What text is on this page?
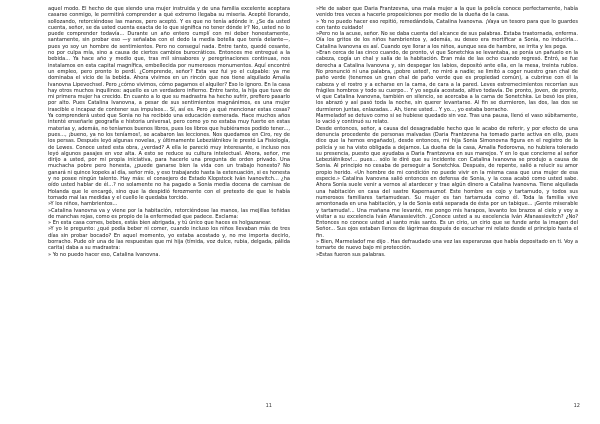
aquel modo. El hecho de que siendo una mujer instruida y de una familia excelente aceptara casarse conmigo, le permitirá comprender a qué extremo llegaba su miseria. Acepté llorando, sollozando, retorciéndose las manos, pero aceptó. Y es que no tenía adónde ir. ¿Se da usted cuenta, señor, se da usted cuenta exacta de lo que significa no tener dónde ir? No, usted no lo puede comprender todavía... Durante un año entero cumplí con mi deber honestamente, santamente, sin probar eso —y señalaba con el dedo la media botella que tenía delante—, pues yo soy un hombre de sentimientos. Pero no conseguí nada. Entre tanto, quedé cesante, no por culpa mía, sino a causa de ciertos cambios burocráticos. Entonces me entregué a la bebida... Ya hace año y medio que, tras mil sinsabores y peregrinaciones continuas, nos instalamos en esta capital magnífica, embellecida por numerosos monumentos. Aquí encontré un empleo, pero pronto lo perdí. ¿Comprende, señor? Esta vez fui yo el culpable: ya me dominaba el vicio de la bebida. Ahora vivimos en un rincón que nos tiene alquilado Amalia Ivanovna Lipevechsel. Pero ¿cómo vivimos, cómo pagamos el alquiler? Eso lo ignoro. En la casa hay otros muchos inquilinos: aquello es un verdadero infierno. Entre tanto, la hija que tuve de mi primera mujer ha crecido. En cuanto a lo que su madrastra ha hecho sufrir, prefiero pasarlo por alto. Pues Catalina Ivanovna, a pesar de sus sentimientos magnánimos, es una mujer irascible e incapaz de contener sus impulsos... Sí, así es. Pero ¿a qué mencionar estas cosas? Ya comprenderá usted que Sonia no ha recibido una educación esmerada. Hace muchos años intenté enseñarle geografía e historia universal, pero como yo no estaba muy fuerte en estas materias y, además, no teníamos buenos libros, pues los libros que hubiéramos podido tener..., pues..., ¡bueno, ya no los teníamos!, se acabaron las lecciones. Nos quedamos en Ciro, rey de los persas. Después leyó algunas novelas, y últimamente Lebeziátnikov le prestó La Fisiología, de Lewes. Conoce usted esta obra, ¿verdad? A ella le pareció muy interesante, e incluso nos leyó algunos pasajes en voz alta. A esto se reduce su cultura intelectual. Ahora, señor, me dirijo a usted, por mi propia iniciativa, para hacerle una pregunta de orden privado. Una muchacha pobre pero honesta, ¿puede ganarse bien la vida con un trabajo honesto? No ganará ni quince kopeks al día, señor mío, y eso trabajando hasta la extenuación, si es honesta y no posee ningún talento. Hay más: el consejero de Estado Klopstock Iván Ivanovitch... ¿ha oído usted hablar de él...? no solamente no ha pagado a Sonia media docena de camisas de Holanda que le encargó, sino que la despidió ferozmente con el pretexto de que le había tomado mal las medidas y el cuello le quedaba torcido.

»Y los niños, hambrientos...

»Catalina Ivanovna va y viene por la habitación, retorciéndose las manos, las mejillas teñidas de manchas rojas, como es propio de la enfermedad que padece. Exclama:

» En esta casa comes, bebes, estás bien abrigada, y tú único que haces es holgazanear.

»Y yo le pregunto: ¿qué podía beber ni comer, cuando incluso los niños llevaban más de tres días sin probar bocado? En aquel momento, yo estaba acostado y, no me importa decirlo, borracho. Pude oír una de las respuestas que mi hija (tímida, voz dulce, rubia, delgada, pálida carita) daba a su madrastra:

» Yo no puedo hacer eso, Catalina Ivanovna.

11

»He de saber que Daria Frantzevna, una mala mujer a la que la policía conoce perfectamente, había venido tres veces a hacerle proposiciones por medio de la dueña de la casa.

» Yo no puedo hacer eso repitió, remedándola, Catalina Ivanovna. ¡Vaya un tesoro para que lo guardes con tanto cuidado!

»Pero no la acuse, señor. No se daba cuenta del alcance de sus palabras. Estaba trastornada, enferma. Oía los gritos de los niños hambrientos y, además, su deseo era mortificar a Sonia, no inducirla... Catalina Ivanovna es así. Cuando oye llorar a los niños, aunque sea de hambre, se irrita y les pega.

»Eran cerca de las cinco cuando, de pronto, vi que Sonetchka se levantaba, se ponía un pañuelo en la cabeza, cogía un chal y salía de la habitación. Eran más de las ocho cuando regresó. Entró, se fue derecha a Catalina Ivanovna y, sin despegar los labios, depositó ante ella, en la mesa, treinta rublos. No pronunció ni una palabra, ¡pobre usted!, no miró a nadie; se limitó a coger nuestro gran chal de paño verde (tenemos un gran chal de paño verde que es propiedad común), a cubrirse con él la cabeza y el rostro y a echarse en la cama, de cara a la pared. Leves estremecimientos recorrían sus frágiles hombros y todo su cuerpo... Y yo seguía acostado, altivo todavía. De pronto, joven, de pronto, vi que Catalina Ivanovna, también en silencio, se acercaba a la cama de Sonetchka. Le besó los pies, los abrazó y así pasó toda la noche, sin querer levantarse. Al fin se durmieron, las dos, las dos se durmieron juntas, enlazadas... Ah, tiene usted... Y yo..., yo estaba borracho.

Marmeladof se detuvo como si se hubiese quedado sin voz. Tras una pausa, llenó el vaso súbitamente, lo vació y continuó su relato.

Desde entonces, señor, a causa del desagradable hecho que le acabo de referir, y por efecto de una denuncia procedente de personas malvadas (Daria Frantzevna ha tomado parte activa en ello, pues dice que la hemos engañado), desde entonces, mi hija Sonia Simonovna figura en el registro de la policía y se ha visto obligada a dejarnos. La dueña de la casa, Amalia Fedorovna, no hubiera tolerado su presencia, puesto que ayudaba a Daria Frantzevna en sus manejos. Y en lo que concierne al señor Lebeziátnikov!... pues... sólo le diré que su incidente con Catalina Ivanovna se produjo a causa de Sonia. Al principio no cesaba de perseguir a Sonetchka. Después, de repente, salió a relucir su amor propio herido. «Un hombre de mi condición no puede vivir en la misma casa que una mujer de esa especie.» Catalina Ivanovna salió entonces en defensa de Sonia, y la cosa acabó como usted sabe. Ahora Sonia suele venir a vernos al atardecer y trae algún dinero a Catalina Ivanovna. Tiene alquilada una habitación en casa del sastre Kapernaumof. Este hombre es cojo y tartamudo, y todos sus numerosos familiares tartamudean. Su mujer es tan tartamuda como él. Toda la familia vive amontonada en una habitación, y la de Sonia está separada de ésta por un tabique... ¡Gente miserable y tartamuda!... Una mañana me levanté, me pongo mis harapos, levanto los brazos al cielo y voy a visitar a su excelencia Iván Afanassievitch. ¿Conoce usted a su excelencia Iván Afanassievitch? ¿No? Entonces no conoce usted al santo más santo. Es un cirio, un cirio que se funde ante la imagen del Señor... Sus ojos estaban llenos de lágrimas después de escuchar mi relato desde el principio hasta el fin.

» Bien, Marmeladof me dijo . Has defraudado una vez las esperanzas que había depositado en ti. Voy a tomarte de nuevo bajo mi protección.

»Estas fueron sus palabras.

12
